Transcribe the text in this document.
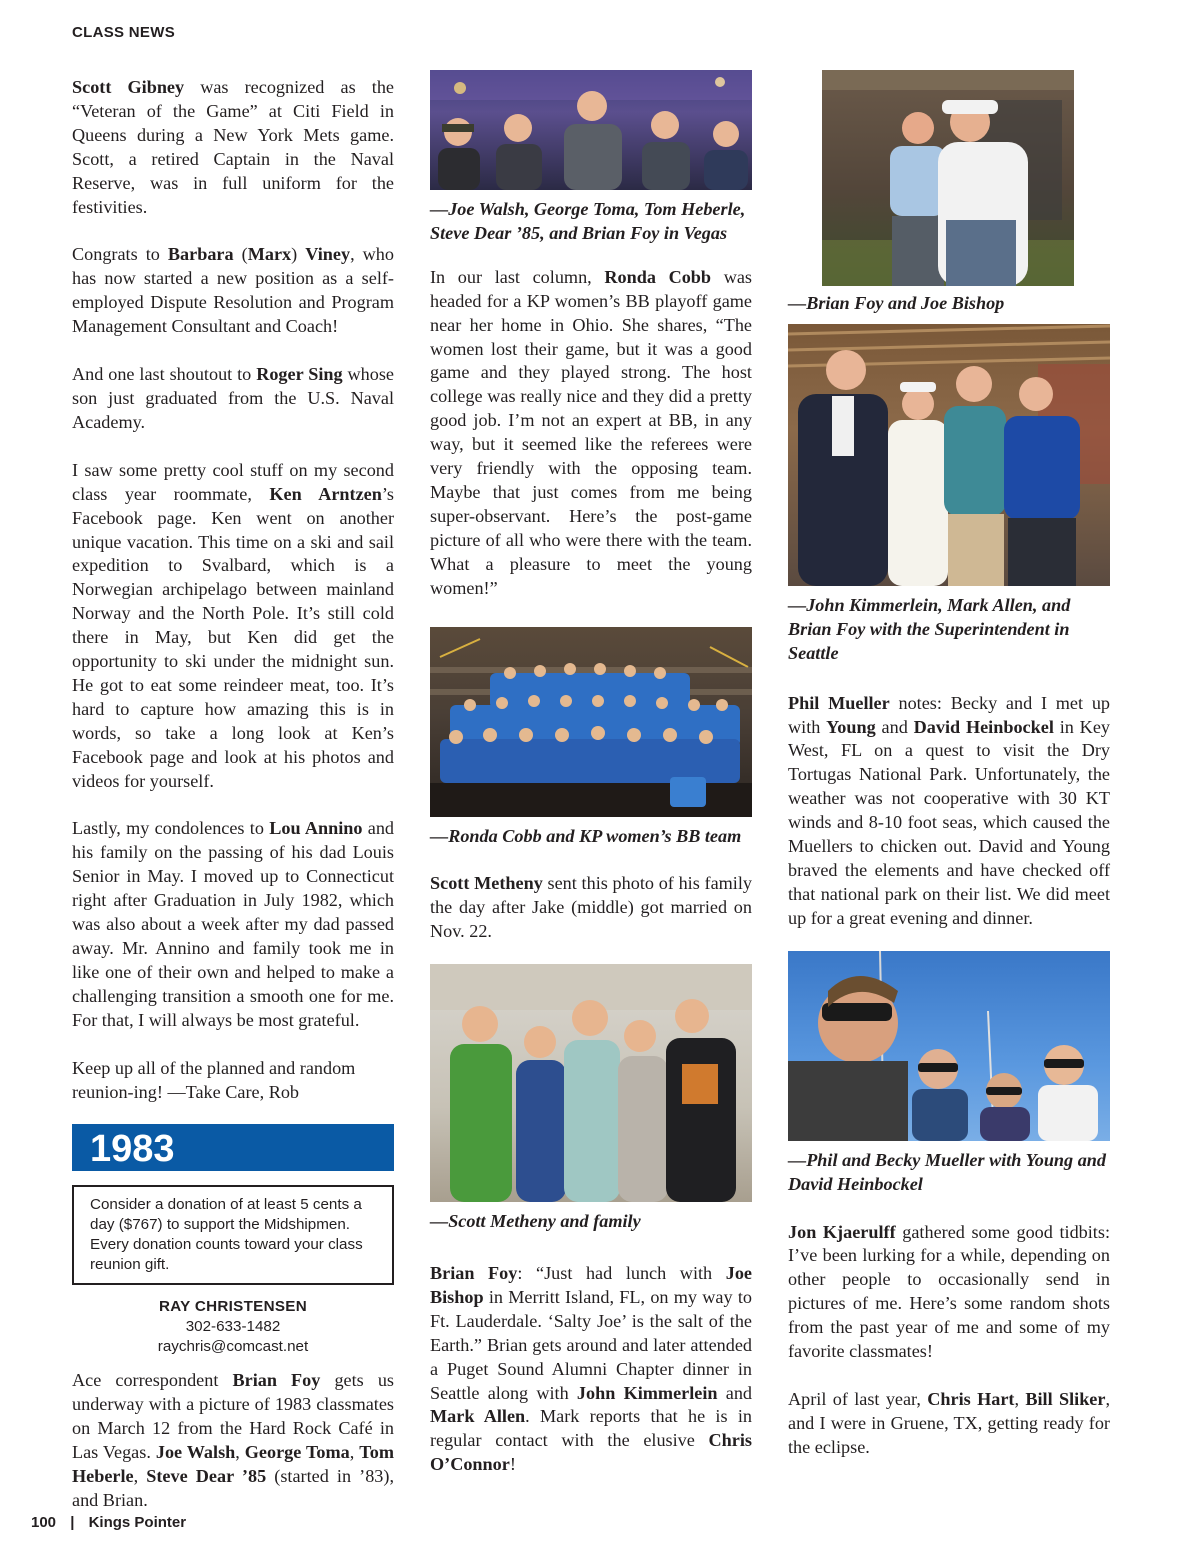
CLASS NEWS

Scott Gibney was recognized as the “Veteran of the Game” at Citi Field in Queens during a New York Mets game. Scott, a retired Captain in the Naval Reserve, was in full uniform for the festivities.

Congrats to Barbara (Marx) Viney, who has now started a new position as a self-employed Dispute Resolution and Program Management Consultant and Coach!

And one last shoutout to Roger Sing whose son just graduated from the U.S. Naval Academy.

I saw some pretty cool stuff on my second class year roommate, Ken Arntzen’s Facebook page. Ken went on another unique vacation. This time on a ski and sail expedition to Svalbard, which is a Norwegian archipelago between mainland Norway and the North Pole. It’s still cold there in May, but Ken did get the opportunity to ski under the midnight sun. He got to eat some reindeer meat, too. It’s hard to capture how amazing this is in words, so take a long look at Ken’s Facebook page and look at his photos and videos for yourself.

Lastly, my condolences to Lou Annino and his family on the passing of his dad Louis Senior in May. I moved up to Connecticut right after Graduation in July 1982, which was also about a week after my dad passed away. Mr. Annino and family took me in like one of their own and helped to make a challenging transition a smooth one for me. For that, I will always be most grateful.

Keep up all of the planned and random reunion-ing! —Take Care, Rob

1983
Consider a donation of at least 5 cents a day ($767) to support the Midshipmen. Every donation counts toward your class reunion gift.
RAY CHRISTENSEN
302-633-1482
raychris@comcast.net

Ace correspondent Brian Foy gets us underway with a picture of 1983 classmates on March 12 from the Hard Rock Café in Las Vegas. Joe Walsh, George Toma, Tom Heberle, Steve Dear ’85 (started in ’83), and Brian.

—Joe Walsh, George Toma, Tom Heberle, Steve Dear ’85, and Brian Foy in Vegas

In our last column, Ronda Cobb was headed for a KP women’s BB playoff game near her home in Ohio. She shares, “The women lost their game, but it was a good game and they played strong. The host college was really nice and they did a pretty good job. I’m not an expert at BB, in any way, but it seemed like the referees were very friendly with the opposing team. Maybe that just comes from me being super-observant. Here’s the post-game picture of all who were there with the team. What a pleasure to meet the young women!”

—Ronda Cobb and KP women’s BB team

Scott Metheny sent this photo of his family the day after Jake (middle) got married on Nov. 22.

—Scott Metheny and family

Brian Foy: “Just had lunch with Joe Bishop in Merritt Island, FL, on my way to Ft. Lauderdale. ‘Salty Joe’ is the salt of the Earth.” Brian gets around and later attended a Puget Sound Alumni Chapter dinner in Seattle along with John Kimmerlein and Mark Allen. Mark reports that he is in regular contact with the elusive Chris O’Connor!

—Brian Foy and Joe Bishop
—John Kimmerlein, Mark Allen, and Brian Foy with the Superintendent in Seattle

Phil Mueller notes: Becky and I met up with Young and David Heinbockel in Key West, FL on a quest to visit the Dry Tortugas National Park. Unfortunately, the weather was not cooperative with 30 KT winds and 8-10 foot seas, which caused the Muellers to chicken out. David and Young braved the elements and have checked off that national park on their list. We did meet up for a great evening and dinner.

—Phil and Becky Mueller with Young and David Heinbockel

Jon Kjaerulff gathered some good tidbits: I’ve been lurking for a while, depending on other people to occasionally send in pictures of me. Here’s some random shots from the past year of me and some of my favorite classmates!

April of last year, Chris Hart, Bill Sliker, and I were in Gruene, TX, getting ready for the eclipse.

100 | Kings Pointer
